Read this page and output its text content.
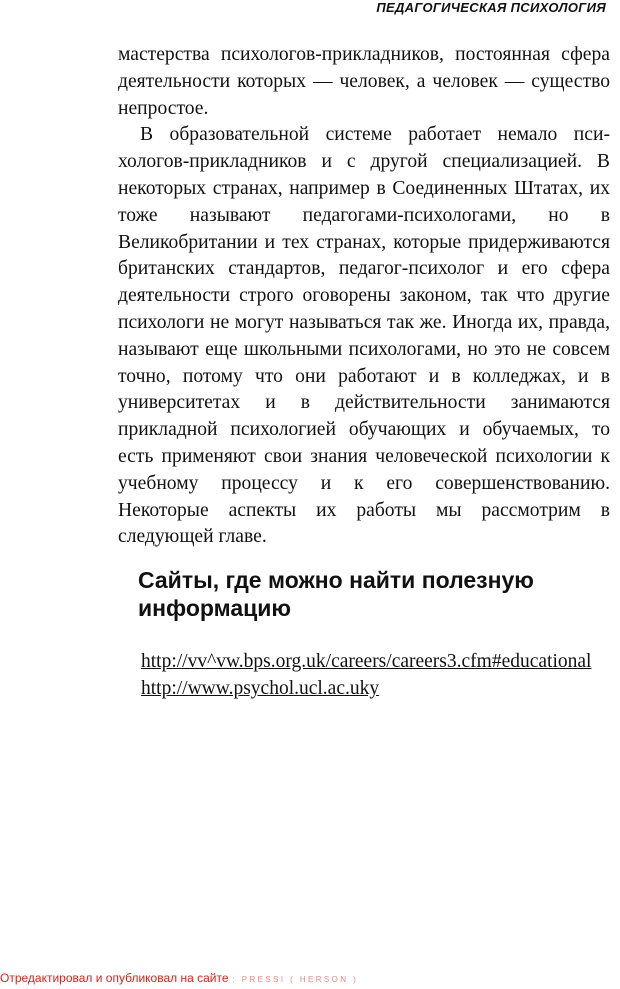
ПЕДАГОГИЧЕСКАЯ ПСИХОЛОГИЯ

мастерства психологов-прикладников, постоянная сфера деятельности которых — человек, а человек — существо непростое.

В образовательной системе работает немало психологов-прикладников и с другой специализацией. В некоторых странах, например в Соединенных Штатах, их тоже называют педагогами-психологами, но в Великобритании и тех странах, которые придерживаются британских стандартов, педагог-психолог и его сфера деятельности строго оговорены законом, так что другие психологи не могут называться так же. Иногда их, правда, называют еще школьными психологами, но это не совсем точно, потому что они работают и в колледжах, и в университетах и в действительности занимаются прикладной психологией обучающих и обучаемых, то есть применяют свои знания человеческой психологии к учебному процессу и к его совершенствованию. Некоторые аспекты их работы мы рассмотрим в следующей главе.

Сайты, где можно найти полезную информацию
http://vv^vw.bps.org.uk/careers/careers3.cfm#educational
http://www.psychol.ucl.ac.uky
Отредактировал и опубликовал на сайте : PRESSI ( HERSON )
